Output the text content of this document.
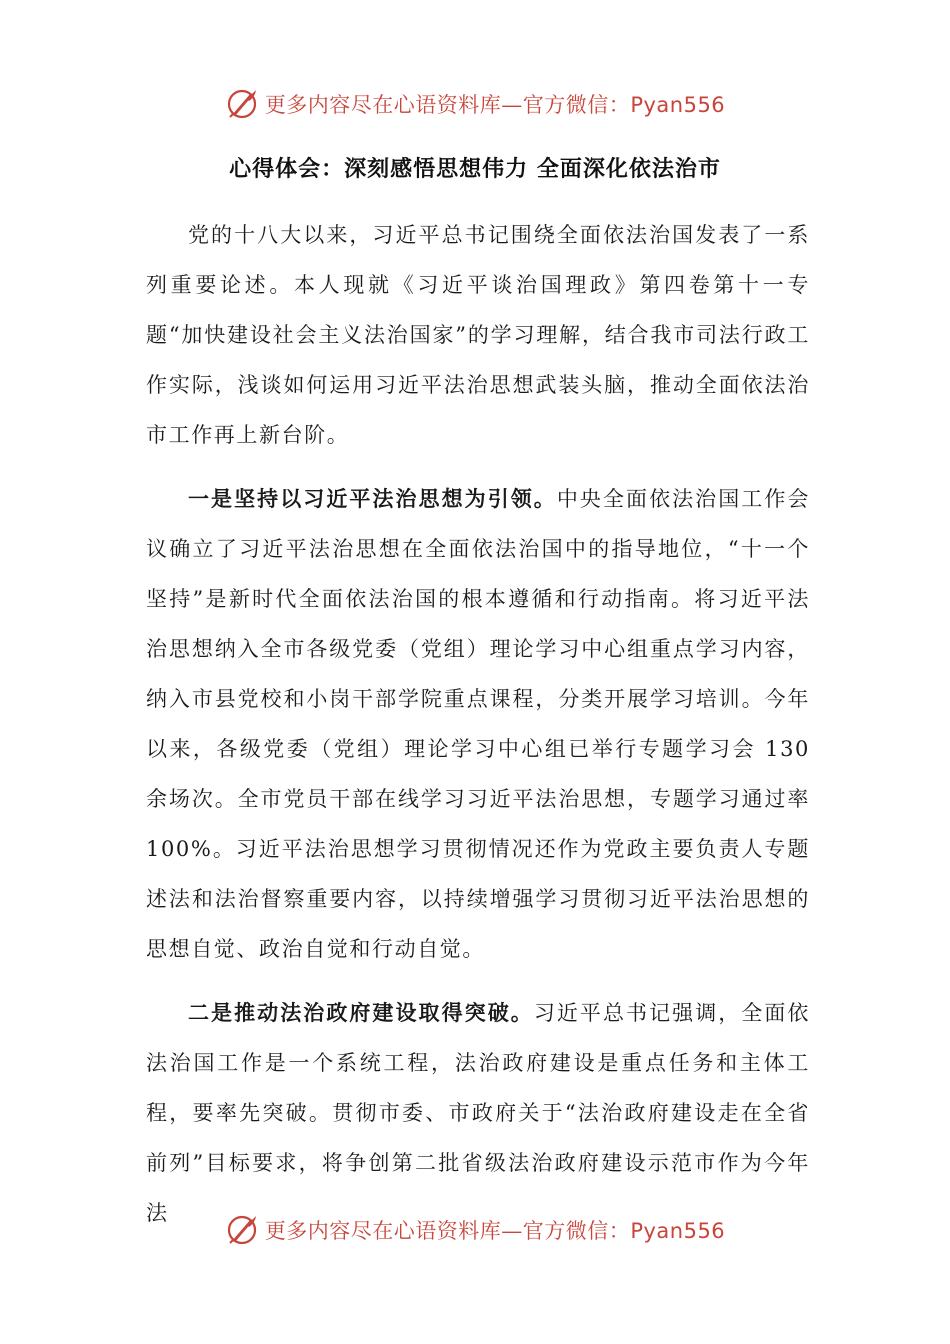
更多内容尽在心语资料库—官方微信：Pyan556
心得体会：深刻感悟思想伟力 全面深化依法治市

党的十八大以来，习近平总书记围绕全面依法治国发表了一系列重要论述。本人现就《习近平谈治国理政》第四卷第十一专题“加快建设社会主义法治国家”的学习理解，结合我市司法行政工作实际，浅谈如何运用习近平法治思想武装头脑，推动全面依法治市工作再上新台阶。

一是坚持以习近平法治思想为引领。中央全面依法治国工作会议确立了习近平法治思想在全面依法治国中的指导地位，“十一个坚持”是新时代全面依法治国的根本遵循和行动指南。将习近平法治思想纳入全市各级党委（党组）理论学习中心组重点学习内容，纳入市县党校和小岗干部学院重点课程，分类开展学习培训。今年以来，各级党委（党组）理论学习中心组已举行专题学习会 130 余场次。全市党员干部在线学习习近平法治思想，专题学习通过率100%。习近平法治思想学习贯彻情况还作为党政主要负责人专题述法和法治督察重要内容，以持续增强学习贯彻习近平法治思想的思想自觉、政治自觉和行动自觉。

二是推动法治政府建设取得突破。习近平总书记强调，全面依法治国工作是一个系统工程，法治政府建设是重点任务和主体工程，要率先突破。贯彻市委、市政府关于“法治政府建设走在全省前列”目标要求，将争创第二批省级法治政府建设示范市作为今年法

更多内容尽在心语资料库—官方微信：Pyan556
